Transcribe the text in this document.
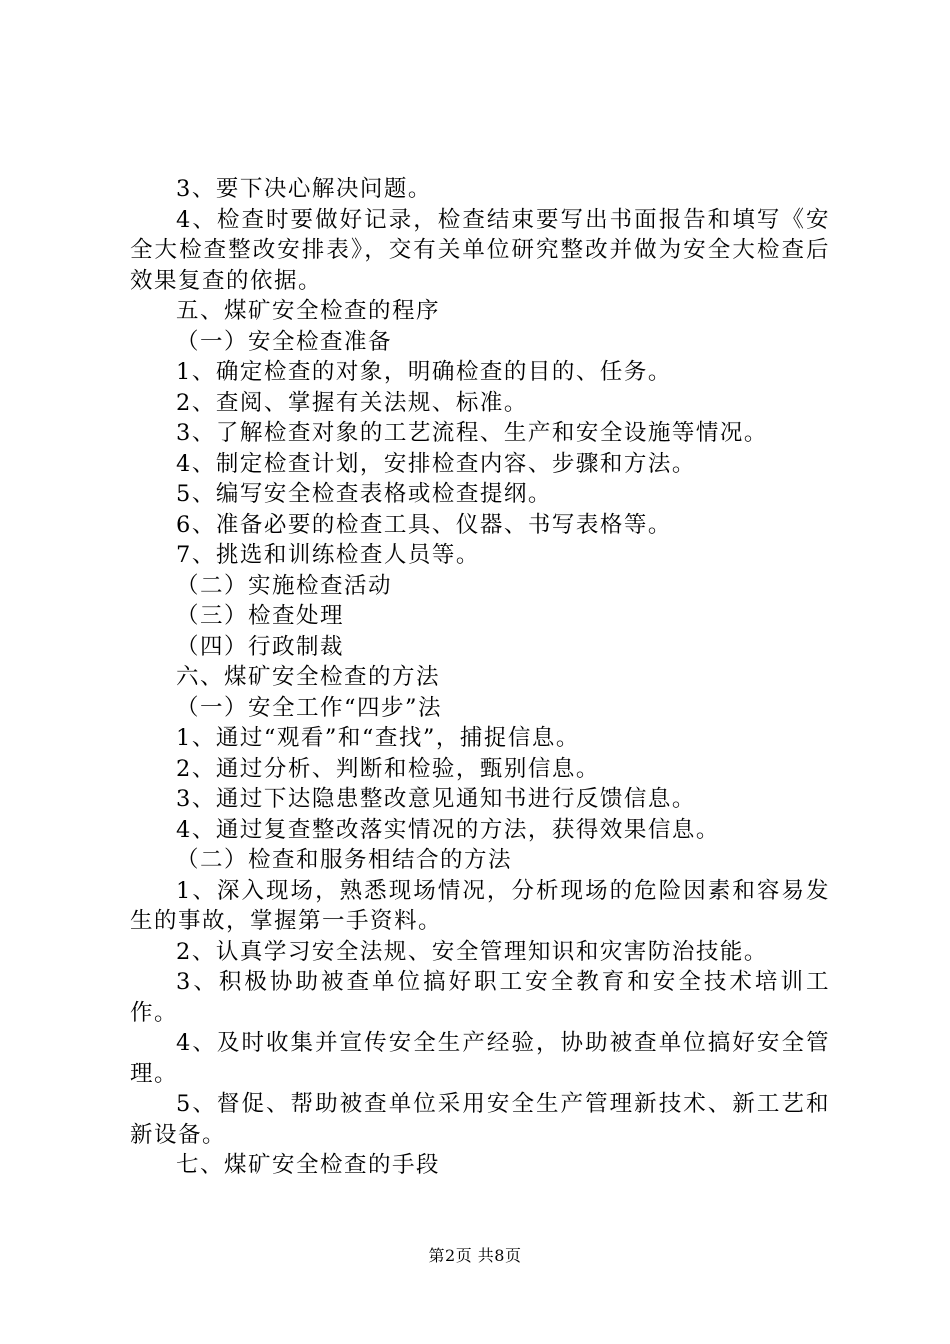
3、要下决心解决问题。

4、检查时要做好记录，检查结束要写出书面报告和填写《安全大检查整改安排表》，交有关单位研究整改并做为安全大检查后效果复查的依据。

五、煤矿安全检查的程序

（一）安全检查准备

1、确定检查的对象，明确检查的目的、任务。

2、查阅、掌握有关法规、标准。

3、了解检查对象的工艺流程、生产和安全设施等情况。

4、制定检查计划，安排检查内容、步骤和方法。

5、编写安全检查表格或检查提纲。

6、准备必要的检查工具、仪器、书写表格等。

7、挑选和训练检查人员等。

（二）实施检查活动

（三）检查处理

（四）行政制裁

六、煤矿安全检查的方法

（一）安全工作“四步”法

1、通过“观看”和“查找”，捕捉信息。

2、通过分析、判断和检验，甄别信息。

3、通过下达隐患整改意见通知书进行反馈信息。

4、通过复查整改落实情况的方法，获得效果信息。

（二）检查和服务相结合的方法

1、深入现场，熟悉现场情况，分析现场的危险因素和容易发生的事故，掌握第一手资料。

2、认真学习安全法规、安全管理知识和灾害防治技能。

3、积极协助被查单位搞好职工安全教育和安全技术培训工作。

4、及时收集并宣传安全生产经验，协助被查单位搞好安全管理。

5、督促、帮助被查单位采用安全生产管理新技术、新工艺和新设备。

七、煤矿安全检查的手段

第2页 共8页
